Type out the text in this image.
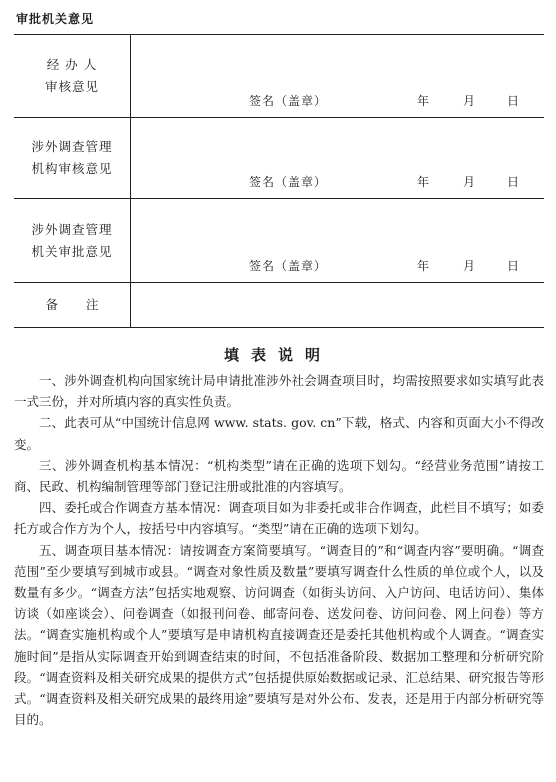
审批机关意见
经 办 人
审核意见
签名（盖章）	年	月	日
涉外调查管理
机构审核意见
签名（盖章）	年	月	日
涉外调查管理
机关审批意见
签名（盖章）	年	月	日
备 注
填表说明

一、涉外调查机构向国家统计局申请批准涉外社会调查项目时，均需按照要求如实填写此表一式三份，并对所填内容的真实性负责。

二、此表可从“中国统计信息网 www. stats. gov. cn”下载，格式、内容和页面大小不得改变。

三、涉外调查机构基本情况：“机构类型”请在正确的选项下划勾。“经营业务范围”请按工商、民政、机构编制管理等部门登记注册或批准的内容填写。

四、委托或合作调查方基本情况：调查项目如为非委托或非合作调查，此栏目不填写；如委托方或合作方为个人，按括号中内容填写。“类型”请在正确的选项下划勾。

五、调查项目基本情况：请按调查方案简要填写。“调查目的”和“调查内容”要明确。“调查范围”至少要填写到城市或县。“调查对象性质及数量”要填写调查什么性质的单位或个人，以及数量有多少。“调查方法”包括实地观察、访问调查（如街头访问、入户访问、电话访问）、集体访谈（如座谈会）、问卷调查（如报刊问卷、邮寄问卷、送发问卷、访问问卷、网上问卷）等方法。“调查实施机构或个人”要填写是申请机构直接调查还是委托其他机构或个人调查。“调查实施时间”是指从实际调查开始到调查结束的时间，不包括准备阶段、数据加工整理和分析研究阶段。“调查资料及相关研究成果的提供方式”包括提供原始数据或记录、汇总结果、研究报告等形式。“调查资料及相关研究成果的最终用途”要填写是对外公布、发表，还是用于内部分析研究等目的。
